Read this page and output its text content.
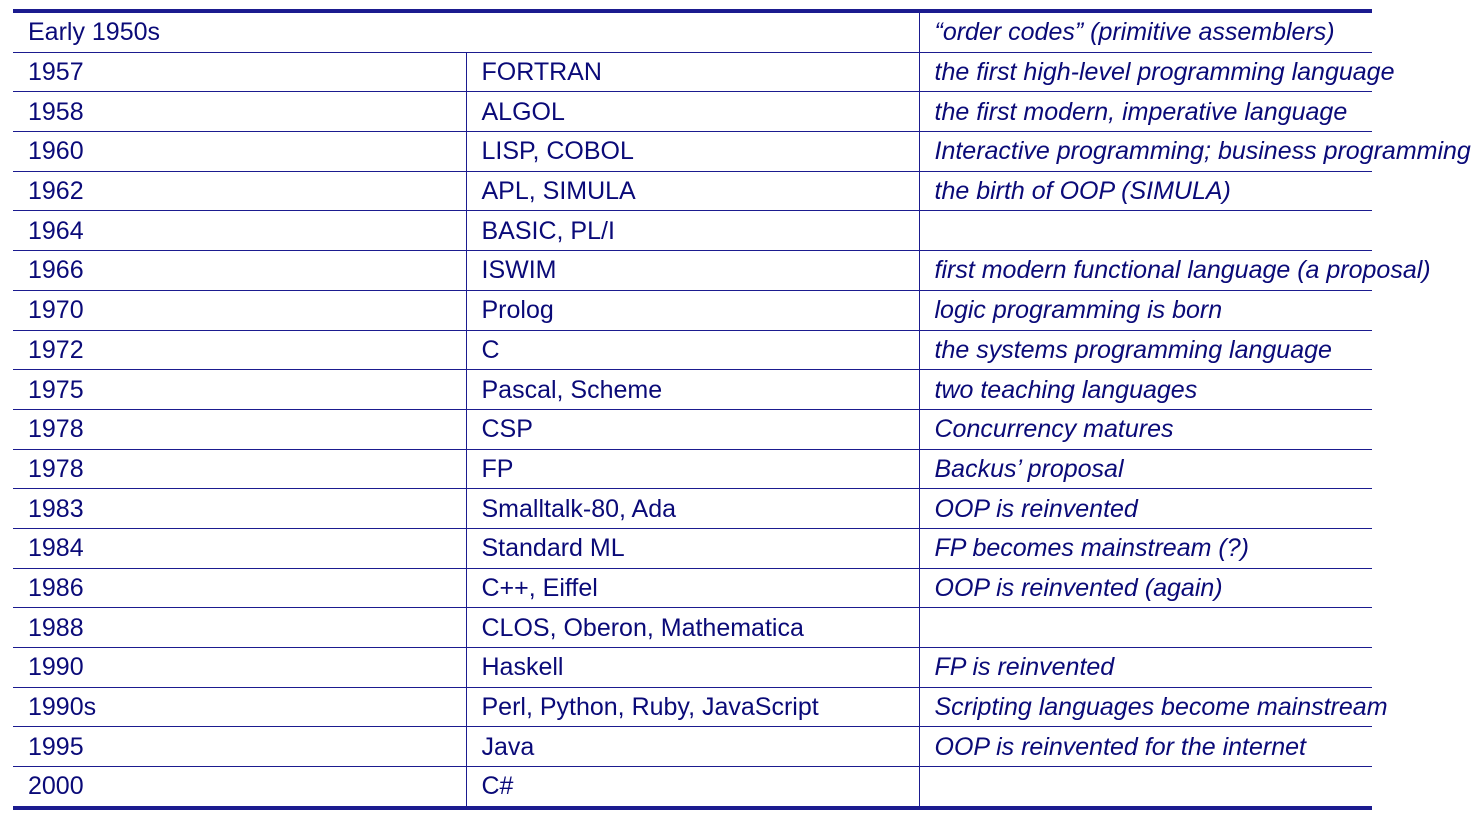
Early 1950s		“order codes” (primitive assemblers)
1957	FORTRAN	the first high-level programming language
1958	ALGOL	the first modern, imperative language
1960	LISP, COBOL	Interactive programming; business programming
1962	APL, SIMULA	the birth of OOP (SIMULA)
1964	BASIC, PL/I	
1966	ISWIM	first modern functional language (a proposal)
1970	Prolog	logic programming is born
1972	C	the systems programming language
1975	Pascal, Scheme	two teaching languages
1978	CSP	Concurrency matures
1978	FP	Backus’ proposal
1983	Smalltalk-80, Ada	OOP is reinvented
1984	Standard ML	FP becomes mainstream (?)
1986	C++, Eiffel	OOP is reinvented (again)
1988	CLOS, Oberon, Mathematica	
1990	Haskell	FP is reinvented
1990s	Perl, Python, Ruby, JavaScript	Scripting languages become mainstream
1995	Java	OOP is reinvented for the internet
2000	C#	
